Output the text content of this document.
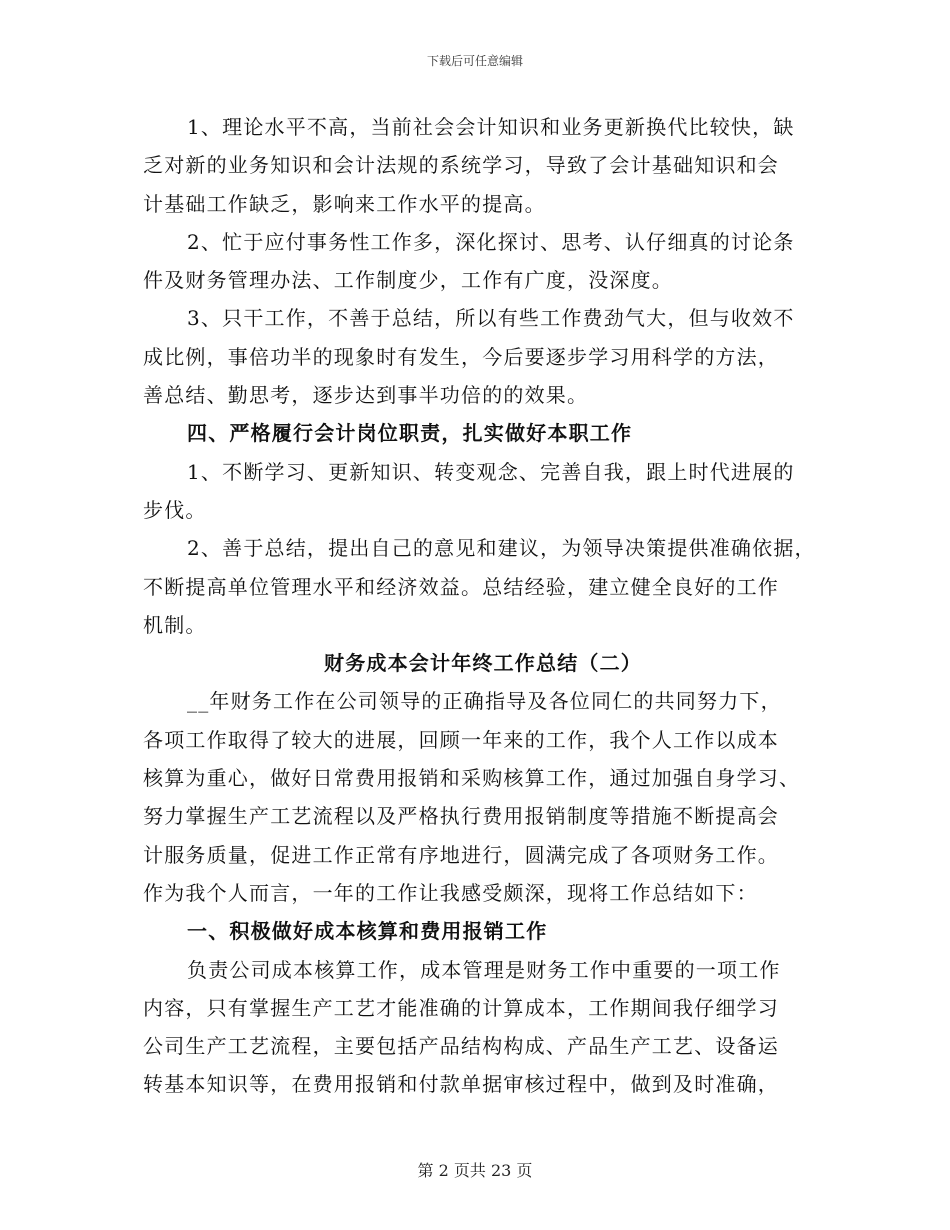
下载后可任意编辑
1、理论水平不高，当前社会会计知识和业务更新换代比较快，缺
乏对新的业务知识和会计法规的系统学习，导致了会计基础知识和会
计基础工作缺乏，影响来工作水平的提高。
2、忙于应付事务性工作多，深化探讨、思考、认仔细真的讨论条
件及财务管理办法、工作制度少，工作有广度，没深度。
3、只干工作，不善于总结，所以有些工作费劲气大，但与收效不
成比例，事倍功半的现象时有发生，今后要逐步学习用科学的方法，
善总结、勤思考，逐步达到事半功倍的的效果。
四、严格履行会计岗位职责，扎实做好本职工作
1、不断学习、更新知识、转变观念、完善自我，跟上时代进展的
步伐。
2、善于总结，提出自己的意见和建议，为领导决策提供准确依据，
不断提高单位管理水平和经济效益。总结经验，建立健全良好的工作
机制。
财务成本会计年终工作总结（二）
__年财务工作在公司领导的正确指导及各位同仁的共同努力下，
各项工作取得了较大的进展，回顾一年来的工作，我个人工作以成本
核算为重心，做好日常费用报销和采购核算工作，通过加强自身学习、
努力掌握生产工艺流程以及严格执行费用报销制度等措施不断提高会
计服务质量，促进工作正常有序地进行，圆满完成了各项财务工作。
作为我个人而言，一年的工作让我感受颇深，现将工作总结如下：
一、积极做好成本核算和费用报销工作
负责公司成本核算工作，成本管理是财务工作中重要的一项工作
内容，只有掌握生产工艺才能准确的计算成本，工作期间我仔细学习
公司生产工艺流程，主要包括产品结构构成、产品生产工艺、设备运
转基本知识等，在费用报销和付款单据审核过程中，做到及时准确，
第 2 页共 23 页
